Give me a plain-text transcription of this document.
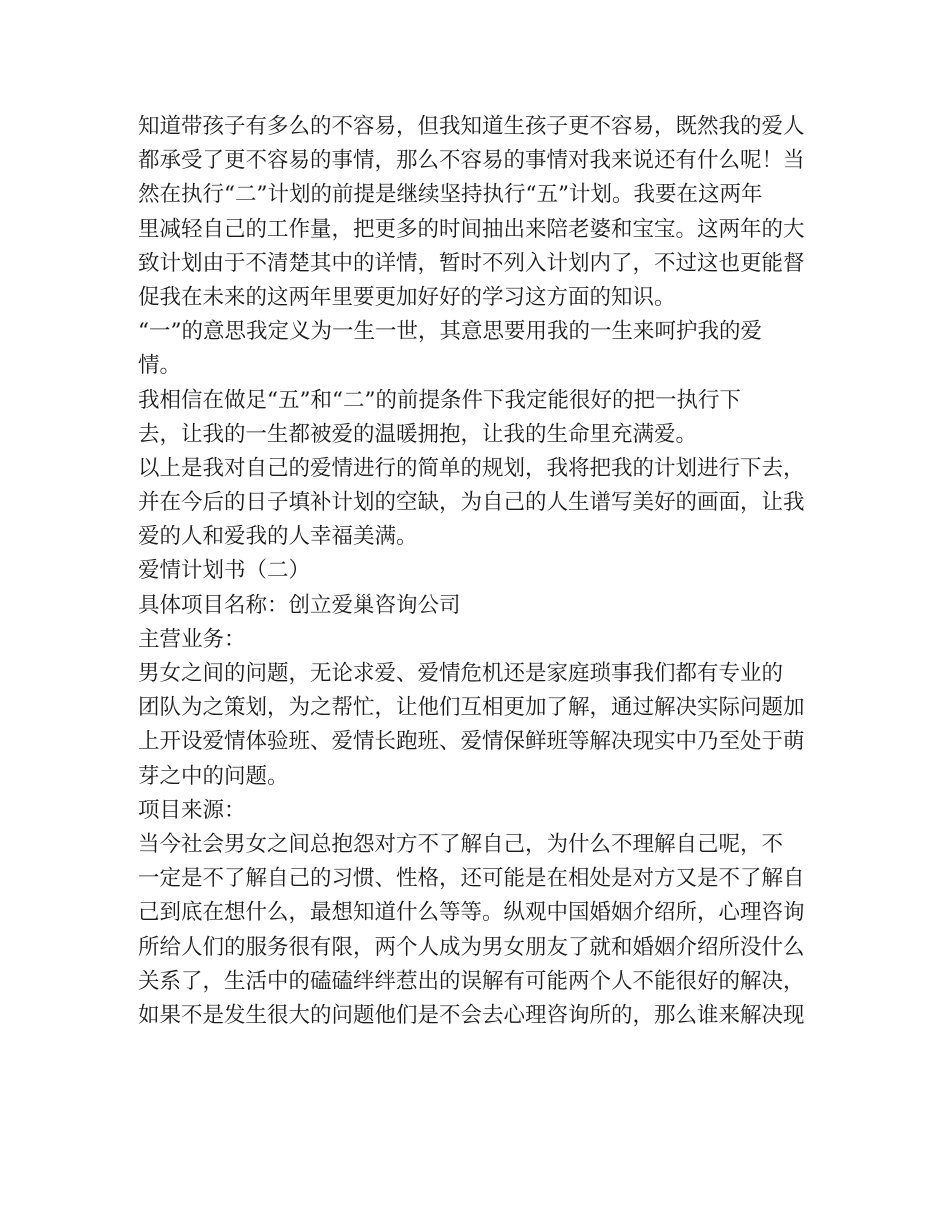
知道带孩子有多么的不容易，但我知道生孩子更不容易，既然我的爱人
都承受了更不容易的事情，那么不容易的事情对我来说还有什么呢！当
然在执行“二”计划的前提是继续坚持执行“五”计划。我要在这两年
里减轻自己的工作量，把更多的时间抽出来陪老婆和宝宝。这两年的大
致计划由于不清楚其中的详情，暂时不列入计划内了，不过这也更能督
促我在未来的这两年里要更加好好的学习这方面的知识。
“一”的意思我定义为一生一世，其意思要用我的一生来呵护我的爱
情。
我相信在做足“五”和“二”的前提条件下我定能很好的把一执行下
去，让我的一生都被爱的温暖拥抱，让我的生命里充满爱。
以上是我对自己的爱情进行的简单的规划，我将把我的计划进行下去，
并在今后的日子填补计划的空缺，为自己的人生谱写美好的画面，让我
爱的人和爱我的人幸福美满。
爱情计划书（二）
具体项目名称：创立爱巢咨询公司
主营业务：
男女之间的问题，无论求爱、爱情危机还是家庭琐事我们都有专业的
团队为之策划，为之帮忙，让他们互相更加了解，通过解决实际问题加
上开设爱情体验班、爱情长跑班、爱情保鲜班等解决现实中乃至处于萌
芽之中的问题。
项目来源：
当今社会男女之间总抱怨对方不了解自己，为什么不理解自己呢，不
一定是不了解自己的习惯、性格，还可能是在相处是对方又是不了解自
己到底在想什么，最想知道什么等等。纵观中国婚姻介绍所，心理咨询
所给人们的服务很有限，两个人成为男女朋友了就和婚姻介绍所没什么
关系了，生活中的磕磕绊绊惹出的误解有可能两个人不能很好的解决，
如果不是发生很大的问题他们是不会去心理咨询所的，那么谁来解决现
